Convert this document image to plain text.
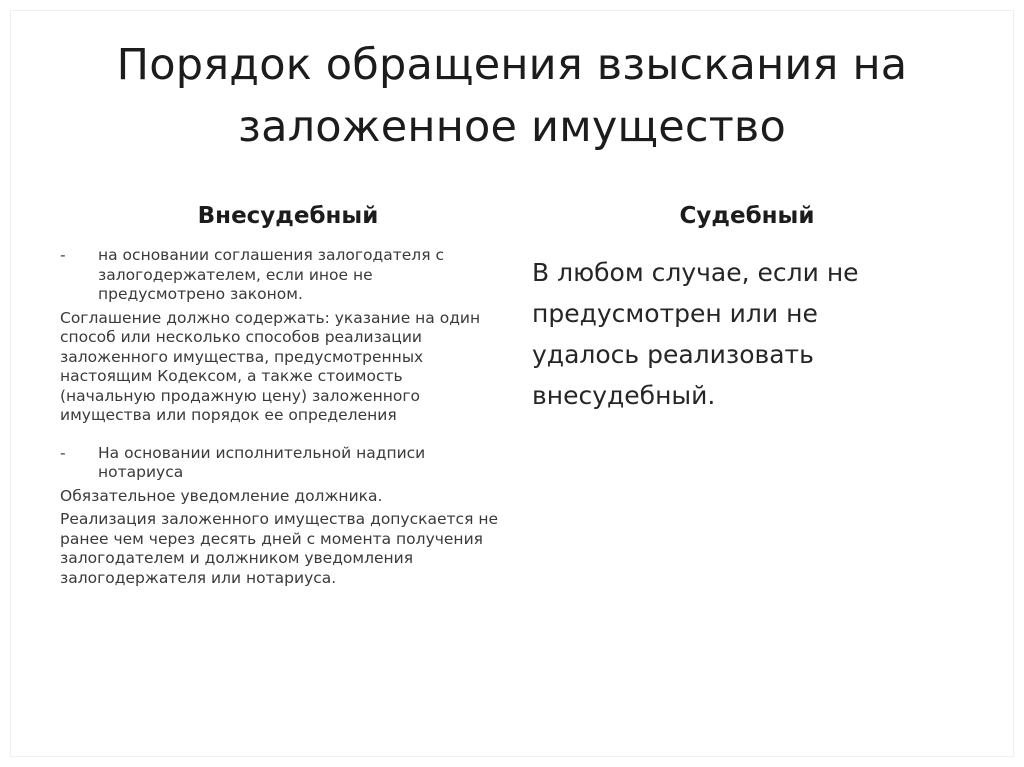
Порядок обращения взыскания на
заложенное имущество
Внесудебный	Судебный
-	на основании соглашения залогодателя с залогодержателем, если иное не предусмотрено законом.

Соглашение должно содержать: указание на один способ или несколько способов реализации заложенного имущества, предусмотренных настоящим Кодексом, а также стоимость (начальную продажную цену) заложенного имущества или порядок ее определения

-	На основании исполнительной надписи нотариуса

Обязательное уведомление должника.

Реализация заложенного имущества допускается не ранее чем через десять дней с момента получения залогодателем и должником уведомления залогодержателя или нотариуса.

В любом случае, если не
предусмотрен или не
удалось реализовать
внесудебный.
